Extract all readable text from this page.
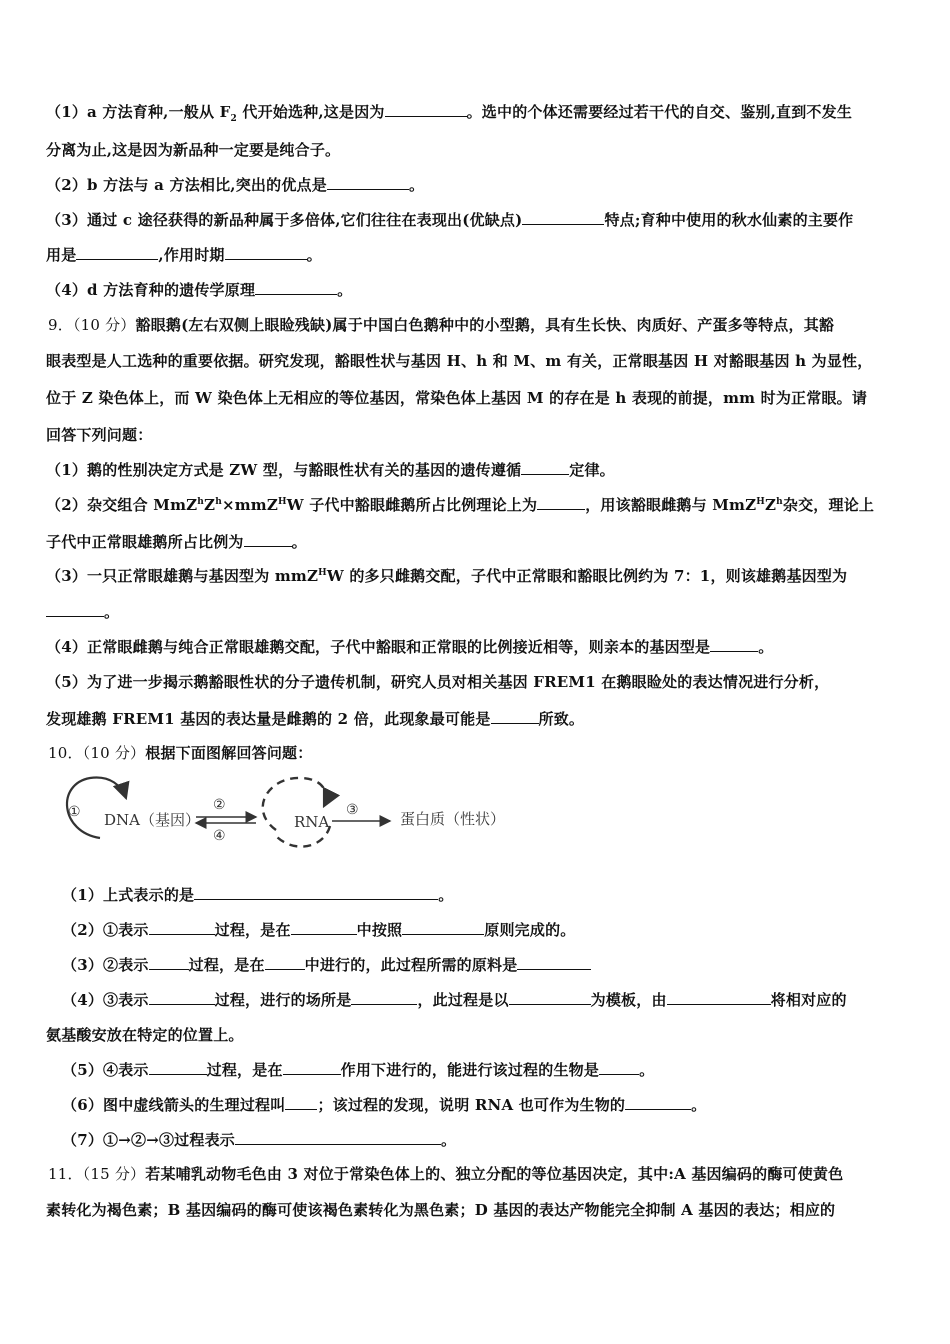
（1）a 方法育种,一般从 $F_2$ 代开始选种,这是因为	。选中的个体还需要经过若干代的自交、鉴别,直到不发生
分离为止,这是因为新品种一定要是纯合子。
（2）b 方法与 a 方法相比,突出的优点是	。
（3）通过 c 途径获得的新品种属于多倍体,它们往往在表现出(优缺点)	特点;育种中使用的秋水仙素的主要作
用是	,作用时期	。
（4）d 方法育种的遗传学原理	。
9．（10 分）豁眼鹅(左右双侧上眼睑残缺)属于中国白色鹅种中的小型鹅，具有生长快、肉质好、产蛋多等特点，其豁
眼表型是人工选种的重要依据。研究发现，豁眼性状与基因 H、h 和 M、m 有关，正常眼基因 H 对豁眼基因 h 为显性，
位于 Z 染色体上，而 W 染色体上无相应的等位基因，常染色体上基因 M 的存在是 h 表现的前提，mm 时为正常眼。请
回答下列问题：
（1）鹅的性别决定方式是 ZW 型，与豁眼性状有关的基因的遗传遵循	定律。
（2）杂交组合 $MmZ^hZ^h\times mmZ^HW$ 子代中豁眼雌鹅所占比例理论上为	，用该豁眼雌鹅与 $MmZ^HZ^h$杂交，理论上
子代中正常眼雄鹅所占比例为	。
（3）一只正常眼雄鹅与基因型为 mmZ$^H$W 的多只雌鹅交配，子代中正常眼和豁眼比例约为 7：1，则该雄鹅基因型为
。
（4）正常眼雌鹅与纯合正常眼雄鹅交配，子代中豁眼和正常眼的比例接近相等，则亲本的基因型是	。
（5）为了进一步揭示鹅豁眼性状的分子遗传机制，研究人员对相关基因 FREM1 在鹅眼睑处的表达情况进行分析，
发现雄鹅 FREM1 基因的表达量是雌鹅的 2 倍，此现象最可能是	所致。
10．（10 分）根据下面图解回答问题：
① DNA（基因）
②
④
RNA
③	蛋白质（性状）
（1）上式表示的是	。
（2）①表示	过程，是在	中按照	原则完成的。
（3）②表示	过程，是在	中进行的，此过程所需的原料是
（4）③表示	过程，进行的场所是	，此过程是以	为模板，由	将相对应的
氨基酸安放在特定的位置上。
（5）④表示	过程，是在	作用下进行的，能进行该过程的生物是	。
（6）图中虚线箭头的生理过程叫 ；该过程的发现，说明 RNA 也可作为生物的	。
（7）①→②→③过程表示	。
11．（15 分）若某哺乳动物毛色由 3 对位于常染色体上的、独立分配的等位基因决定，其中:A 基因编码的酶可使黄色
素转化为褐色素；B 基因编码的酶可使该褐色素转化为黑色素；D 基因的表达产物能完全抑制 A 基因的表达；相应的
